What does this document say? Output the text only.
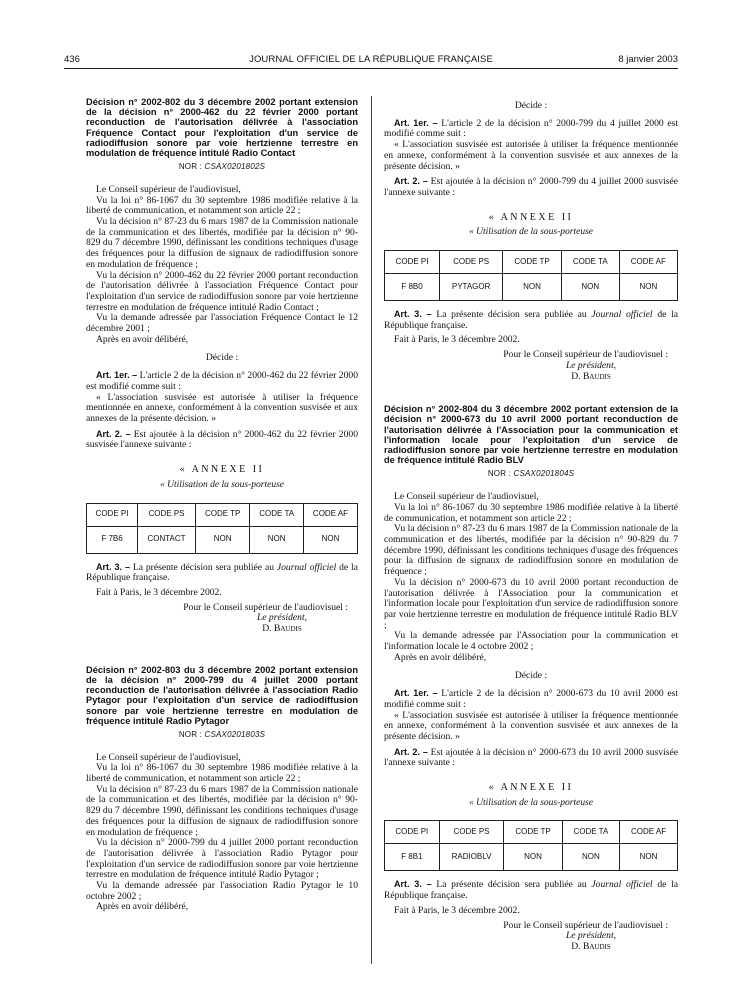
436	JOURNAL OFFICIEL DE LA RÉPUBLIQUE FRANÇAISE	8 janvier 2003
Décision n° 2002-802 du 3 décembre 2002 portant extension de la décision n° 2000-462 du 22 février 2000 portant reconduction de l'autorisation délivrée à l'association Fréquence Contact pour l'exploitation d'un service de radiodiffusion sonore par voie hertzienne terrestre en modulation de fréquence intitulé Radio Contact
NOR : CSAX0201802S

Le Conseil supérieur de l'audiovisuel,

Vu la loi n° 86-1067 du 30 septembre 1986 modifiée relative à la liberté de communication, et notamment son article 22 ;

Vu la décision n° 87-23 du 6 mars 1987 de la Commission nationale de la communication et des libertés, modifiée par la décision n° 90-829 du 7 décembre 1990, définissant les conditions techniques d'usage des fréquences pour la diffusion de signaux de radiodiffusion sonore en modulation de fréquence ;

Vu la décision n° 2000-462 du 22 février 2000 portant reconduction de l'autorisation délivrée à l'association Fréquence Contact pour l'exploitation d'un service de radiodiffusion sonore par voie hertzienne terrestre en modulation de fréquence intitulé Radio Contact ;

Vu la demande adressée par l'association Fréquence Contact le 12 décembre 2001 ;

Après en avoir délibéré,

Décide :

Art. 1er. – L'article 2 de la décision n° 2000-462 du 22 février 2000 est modifié comme suit :

« L'association susvisée est autorisée à utiliser la fréquence mentionnée en annexe, conformément à la convention susvisée et aux annexes de la présente décision. »

Art. 2. – Est ajoutée à la décision n° 2000-462 du 22 février 2000 susvisée l'annexe suivante :

« ANNEXE II
« Utilisation de la sous-porteuse
CODE PI	CODE PS	CODE TP	CODE TA	CODE AF
F 7B6	CONTACT	NON	NON	NON

Art. 3. – La présente décision sera publiée au Journal officiel de la République française.

Fait à Paris, le 3 décembre 2002.

Pour le Conseil supérieur de l'audiovisuel :
Le président,
D. Baudis
Décision n° 2002-803 du 3 décembre 2002 portant extension de la décision n° 2000-799 du 4 juillet 2000 portant reconduction de l'autorisation délivrée à l'association Radio Pytagor pour l'exploitation d'un service de radiodiffusion sonore par voie hertzienne terrestre en modulation de fréquence intitulé Radio Pytagor
NOR : CSAX0201803S

Le Conseil supérieur de l'audiovisuel,

Vu la loi n° 86-1067 du 30 septembre 1986 modifiée relative à la liberté de communication, et notamment son article 22 ;

Vu la décision n° 87-23 du 6 mars 1987 de la Commission nationale de la communication et des libertés, modifiée par la décision n° 90-829 du 7 décembre 1990, définissant les conditions techniques d'usage des fréquences pour la diffusion de signaux de radiodiffusion sonore en modulation de fréquence ;

Vu la décision n° 2000-799 du 4 juillet 2000 portant reconduction de l'autorisation délivrée à l'association Radio Pytagor pour l'exploitation d'un service de radiodiffusion sonore par voie hertzienne terrestre en modulation de fréquence intitulé Radio Pytagor ;

Vu la demande adressée par l'association Radio Pytagor le 10 octobre 2002 ;

Après en avoir délibéré,

Décide :

Art. 1er. – L'article 2 de la décision n° 2000-799 du 4 juillet 2000 est modifié comme suit :

« L'association susvisée est autorisée à utiliser la fréquence mentionnée en annexe, conformément à la convention susvisée et aux annexes de la présente décision. »

Art. 2. – Est ajoutée à la décision n° 2000-799 du 4 juillet 2000 susvisée l'annexe suivante :

« ANNEXE II
« Utilisation de la sous-porteuse
CODE PI	CODE PS	CODE TP	CODE TA	CODE AF
F 8B0	PYTAGOR	NON	NON	NON

Art. 3. – La présente décision sera publiée au Journal officiel de la République française.

Fait à Paris, le 3 décembre 2002.

Pour le Conseil supérieur de l'audiovisuel :
Le président,
D. Baudis
Décision n° 2002-804 du 3 décembre 2002 portant extension de la décision n° 2000-673 du 10 avril 2000 portant reconduction de l'autorisation délivrée à l'Association pour la communication et l'information locale pour l'exploitation d'un service de radiodiffusion sonore par voie hertzienne terrestre en modulation de fréquence intitulé Radio BLV
NOR : CSAX0201804S

Le Conseil supérieur de l'audiovisuel,

Vu la loi n° 86-1067 du 30 septembre 1986 modifiée relative à la liberté de communication, et notamment son article 22 ;

Vu la décision n° 87-23 du 6 mars 1987 de la Commission nationale de la communication et des libertés, modifiée par la décision n° 90-829 du 7 décembre 1990, définissant les conditions techniques d'usage des fréquences pour la diffusion de signaux de radiodiffusion sonore en modulation de fréquence ;

Vu la décision n° 2000-673 du 10 avril 2000 portant reconduction de l'autorisation délivrée à l'Association pour la communication et l'information locale pour l'exploitation d'un service de radiodiffusion sonore par voie hertzienne terrestre en modulation de fréquence intitulé Radio BLV ;

Vu la demande adressée par l'Association pour la communication et l'information locale le 4 octobre 2002 ;

Après en avoir délibéré,

Décide :

Art. 1er. – L'article 2 de la décision n° 2000-673 du 10 avril 2000 est modifié comme suit :

« L'association susvisée est autorisée à utiliser la fréquence mentionnée en annexe, conformément à la convention susvisée et aux annexes de la présente décision. »

Art. 2. – Est ajoutée à la décision n° 2000-673 du 10 avril 2000 susvisée l'annexe suivante :

« ANNEXE II
« Utilisation de la sous-porteuse
CODE PI	CODE PS	CODE TP	CODE TA	CODE AF
F 8B1	RADIOBLV	NON	NON	NON

Art. 3. – La présente décision sera publiée au Journal officiel de la République française.

Fait à Paris, le 3 décembre 2002.

Pour le Conseil supérieur de l'audiovisuel :
Le président,
D. Baudis
